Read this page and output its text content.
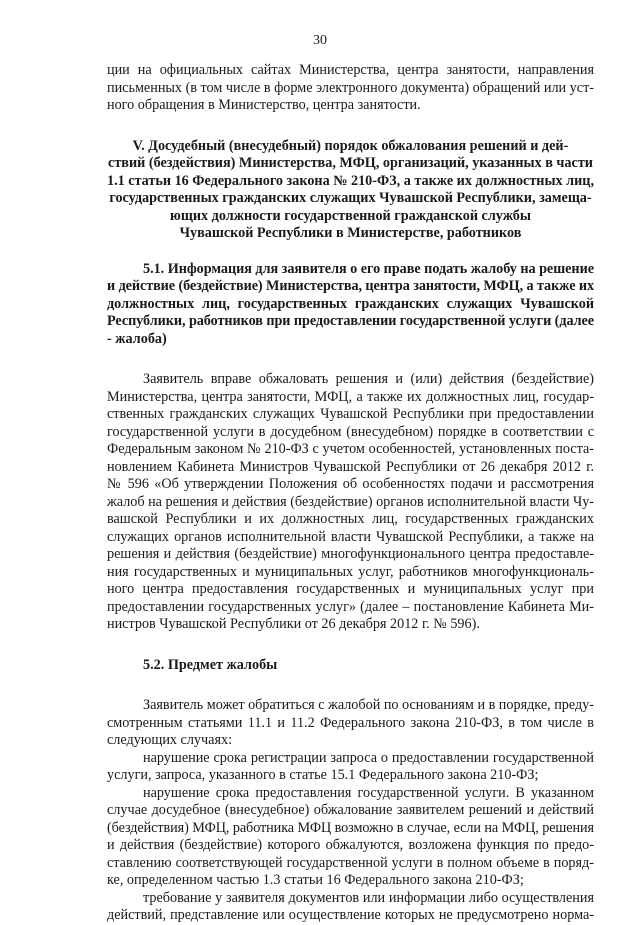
30
ции на официальных сайтах Министерства, центра занятости, направления
письменных (в том числе в форме электронного документа) обращений или уст-
ного обращения в Министерство, центра занятости.
V. Досудебный (внесудебный) порядок обжалования решений и дей-
ствий (бездействия) Министерства, МФЦ, организаций, указанных в части
1.1 статьи 16 Федерального закона № 210-ФЗ, а также их должностных лиц,
государственных гражданских служащих Чувашской Республики, замеща-
ющих должности государственной гражданской службы
Чувашской Республики в Министерстве, работников
5.1. Информация для заявителя о его праве подать жалобу на решение
и действие (бездействие) Министерства, центра занятости, МФЦ, а также их
должностных лиц, государственных гражданских служащих Чувашской
Республики, работников при предоставлении государственной услуги (далее
- жалоба)
Заявитель вправе обжаловать решения и (или) действия (бездействие)
Министерства, центра занятости, МФЦ, а также их должностных лиц, государ-
ственных гражданских служащих Чувашской Республики при предоставлении
государственной услуги в досудебном (внесудебном) порядке в соответствии с
Федеральным законом № 210-ФЗ с учетом особенностей, установленных поста-
новлением Кабинета Министров Чувашской Республики от 26 декабря 2012 г.
№ 596 «Об утверждении Положения об особенностях подачи и рассмотрения
жалоб на решения и действия (бездействие) органов исполнительной власти Чу-
вашской Республики и их должностных лиц, государственных гражданских
служащих органов исполнительной власти Чувашской Республики, а также на
решения и действия (бездействие) многофункционального центра предоставле-
ния государственных и муниципальных услуг, работников многофункциональ-
ного центра предоставления государственных и муниципальных услуг при
предоставлении государственных услуг» (далее – постановление Кабинета Ми-
нистров Чувашской Республики от 26 декабря 2012 г. № 596).
5.2. Предмет жалобы
Заявитель может обратиться с жалобой по основаниям и в порядке, преду-
смотренным статьями 11.1 и 11.2 Федерального закона 210-ФЗ, в том числе в
следующих случаях:
нарушение срока регистрации запроса о предоставлении государственной
услуги, запроса, указанного в статье 15.1 Федерального закона 210-ФЗ;
нарушение срока предоставления государственной услуги. В указанном
случае досудебное (внесудебное) обжалование заявителем решений и действий
(бездействия) МФЦ, работника МФЦ возможно в случае, если на МФЦ, решения
и действия (бездействие) которого обжалуются, возложена функция по предо-
ставлению соответствующей государственной услуги в полном объеме в поряд-
ке, определенном частью 1.3 статьи 16 Федерального закона 210-ФЗ;
требование у заявителя документов или информации либо осуществления
действий, представление или осуществление которых не предусмотрено норма-
